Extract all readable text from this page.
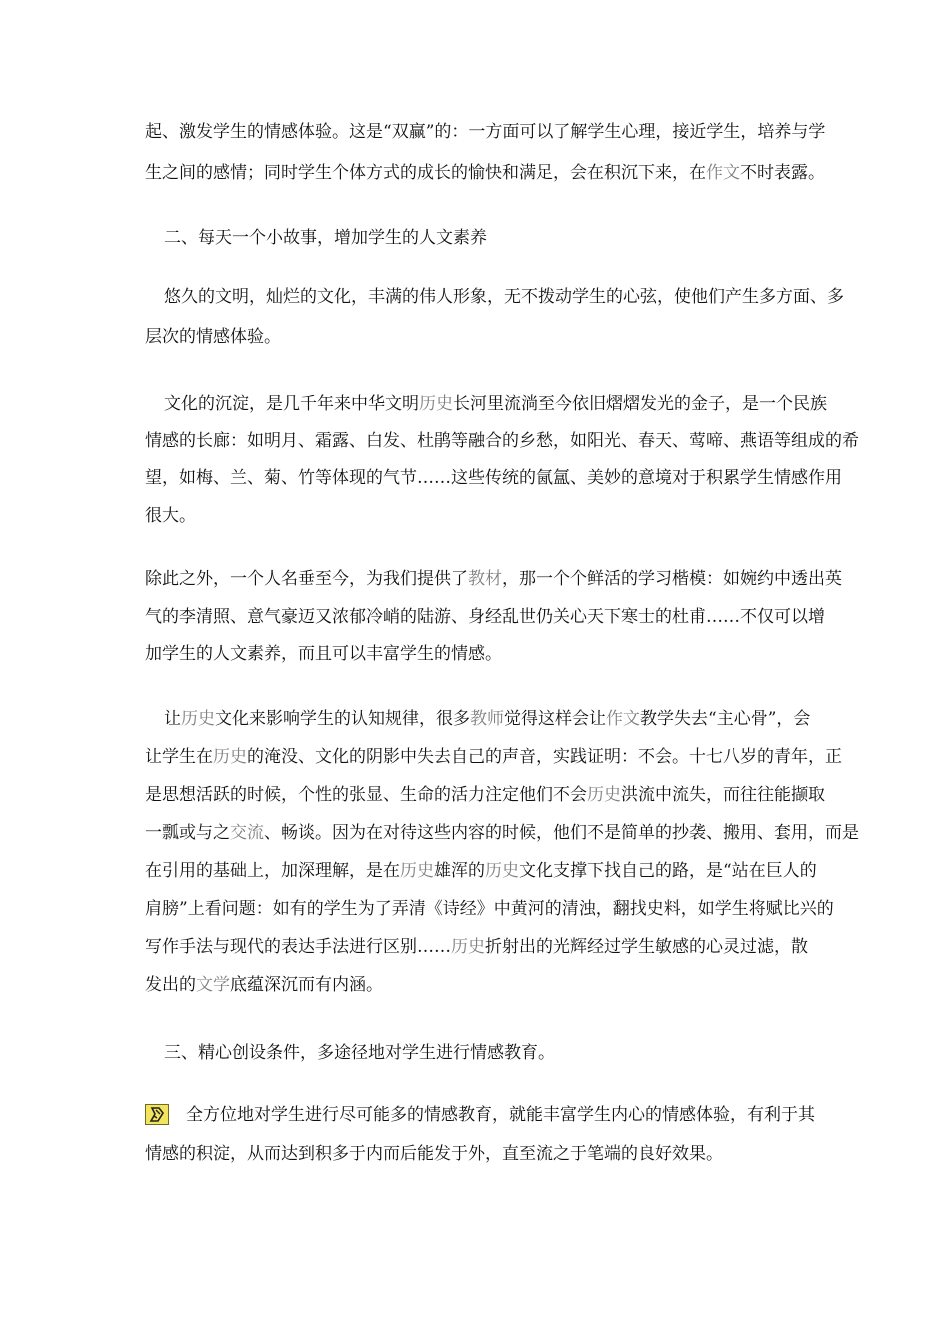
起、激发学生的情感体验。这是“双赢”的：一方面可以了解学生心理，接近学生，培养与学
生之间的感情；同时学生个体方式的成长的愉快和满足，会在积沉下来，在作文不时表露。
二、每天一个小故事，增加学生的人文素养
悠久的文明，灿烂的文化，丰满的伟人形象，无不拨动学生的心弦，使他们产生多方面、多
层次的情感体验。
文化的沉淀，是几千年来中华文明历史长河里流淌至今依旧熠熠发光的金子，是一个民族
情感的长廊：如明月、霜露、白发、杜鹃等融合的乡愁，如阳光、春天、莺啼、燕语等组成的希
望，如梅、兰、菊、竹等体现的气节……这些传统的氤氲、美妙的意境对于积累学生情感作用
很大。
除此之外，一个人名垂至今，为我们提供了教材，那一个个鲜活的学习楷模：如婉约中透出英
气的李清照、意气豪迈又浓郁冷峭的陆游、身经乱世仍关心天下寒士的杜甫……不仅可以增
加学生的人文素养，而且可以丰富学生的情感。
让历史文化来影响学生的认知规律，很多教师觉得这样会让作文教学失去“主心骨”，会
让学生在历史的淹没、文化的阴影中失去自己的声音，实践证明：不会。十七八岁的青年，正
是思想活跃的时候，个性的张显、生命的活力注定他们不会历史洪流中流失，而往往能撷取
一瓢或与之交流、畅谈。因为在对待这些内容的时候，他们不是简单的抄袭、搬用、套用，而是
在引用的基础上，加深理解，是在历史雄浑的历史文化支撑下找自己的路，是“站在巨人的
肩膀”上看问题：如有的学生为了弄清《诗经》中黄河的清浊，翻找史料，如学生将赋比兴的
写作手法与现代的表达手法进行区别……历史折射出的光辉经过学生敏感的心灵过滤，散
发出的文学底蕴深沉而有内涵。
三、精心创设条件，多途径地对学生进行情感教育。
全方位地对学生进行尽可能多的情感教育，就能丰富学生内心的情感体验，有利于其
情感的积淀，从而达到积多于内而后能发于外，直至流之于笔端的良好效果。
